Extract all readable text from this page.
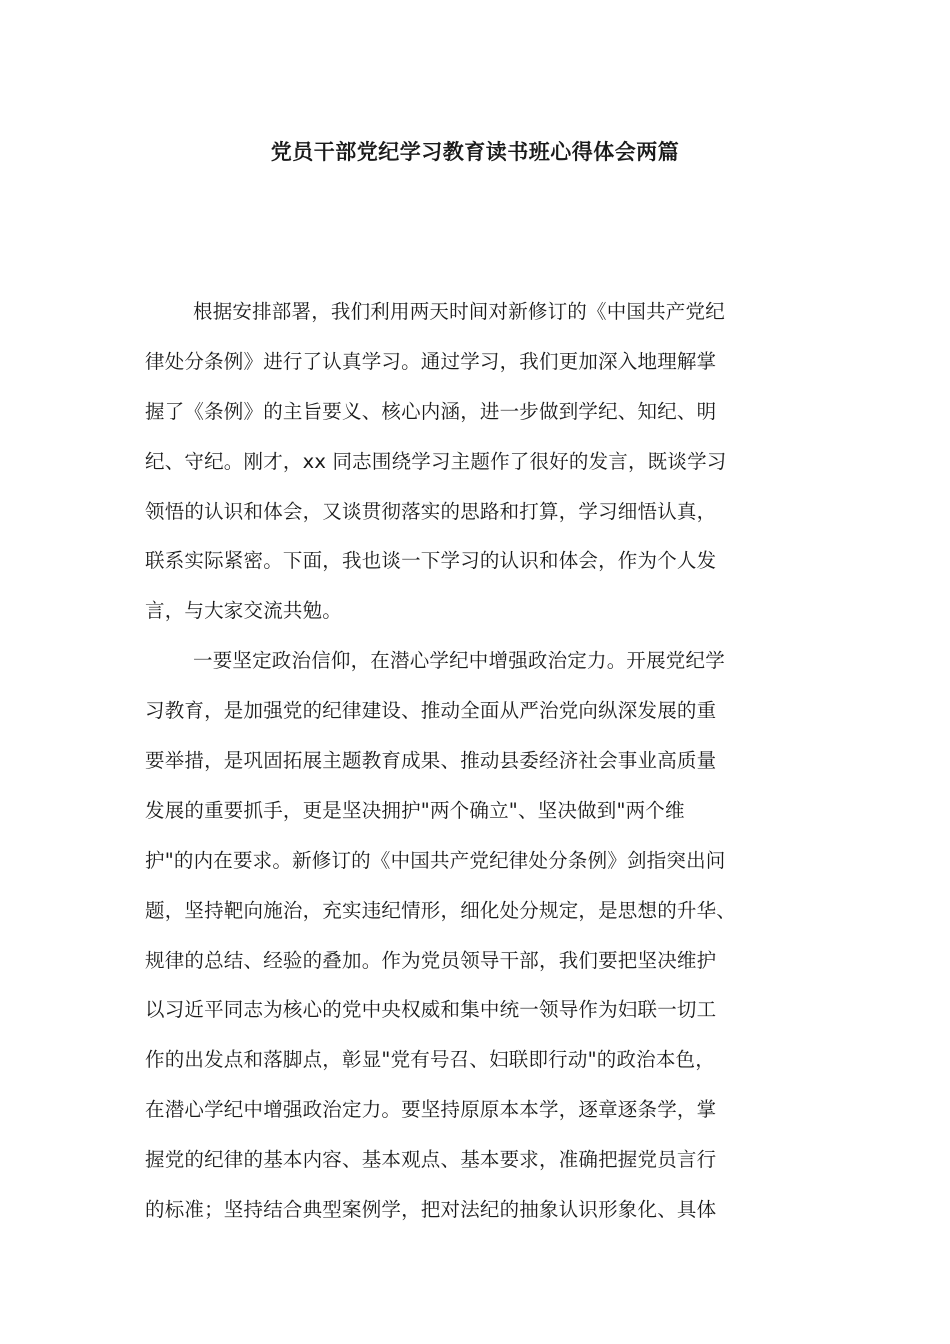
党员干部党纪学习教育读书班心得体会两篇
根据安排部署，我们利用两天时间对新修订的《中国共产党纪
律处分条例》进行了认真学习。通过学习，我们更加深入地理解掌
握了《条例》的主旨要义、核心内涵，进一步做到学纪、知纪、明
纪、守纪。刚才，xx 同志围绕学习主题作了很好的发言，既谈学习
领悟的认识和体会，又谈贯彻落实的思路和打算，学习细悟认真，
联系实际紧密。下面，我也谈一下学习的认识和体会，作为个人发
言，与大家交流共勉。
一要坚定政治信仰，在潜心学纪中增强政治定力。开展党纪学
习教育，是加强党的纪律建设、推动全面从严治党向纵深发展的重
要举措，是巩固拓展主题教育成果、推动县委经济社会事业高质量
发展的重要抓手，更是坚决拥护"两个确立"、坚决做到"两个维
护"的内在要求。新修订的《中国共产党纪律处分条例》剑指突出问
题，坚持靶向施治，充实违纪情形，细化处分规定，是思想的升华、
规律的总结、经验的叠加。作为党员领导干部，我们要把坚决维护
以习近平同志为核心的党中央权威和集中统一领导作为妇联一切工
作的出发点和落脚点，彰显"党有号召、妇联即行动"的政治本色，
在潜心学纪中增强政治定力。要坚持原原本本学，逐章逐条学，掌
握党的纪律的基本内容、基本观点、基本要求，准确把握党员言行
的标准；坚持结合典型案例学，把对法纪的抽象认识形象化、具体
